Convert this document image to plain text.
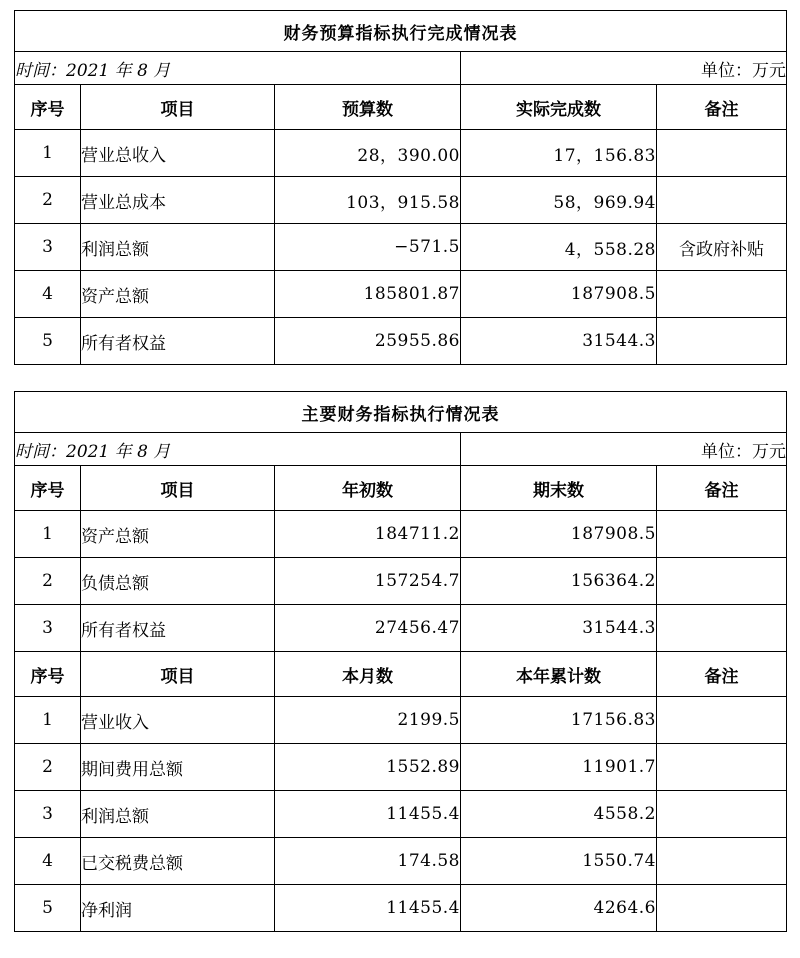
财务预算指标执行完成情况表				
时间：2021 年 8 月			单位：万元	
序号	项目	预算数	实际完成数	备注
1	营业总收入	28，390.00	17，156.83	
2	营业总成本	103，915.58	58，969.94	
3	利润总额	−571.5	4，558.28	含政府补贴
4	资产总额	185801.87	187908.5	
5	所有者权益	25955.86	31544.3	
主要财务指标执行情况表				
时间：2021 年 8 月			单位：万元	
序号	项目	年初数	期末数	备注
1	资产总额	184711.2	187908.5	
2	负债总额	157254.7	156364.2	
3	所有者权益	27456.47	31544.3	
序号	项目	本月数	本年累计数	备注
1	营业收入	2199.5	17156.83	
2	期间费用总额	1552.89	11901.7	
3	利润总额	11455.4	4558.2	
4	已交税费总额	174.58	1550.74	
5	净利润	11455.4	4264.6	
